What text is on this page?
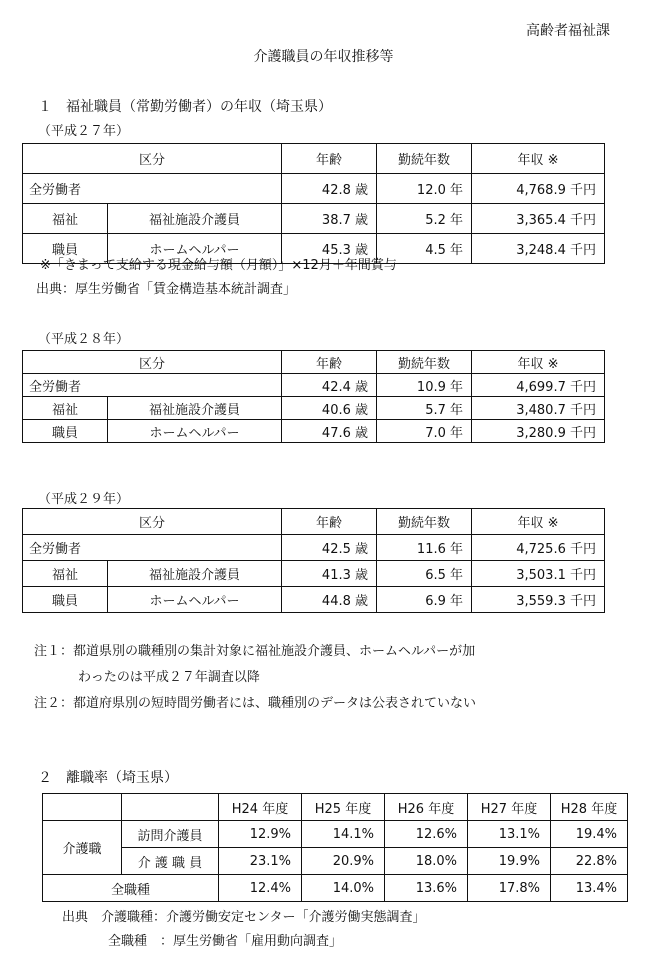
高齢者福祉課
介護職員の年収推移等
１　福祉職員（常勤労働者）の年収（埼玉県）
（平成２７年）
区分		年齢	勤続年数	年収 ※
全労働者		42.8 歳	12.0 年	4,768.9 千円
福祉	福祉施設介護員	38.7 歳	5.2 年	3,365.4 千円
職員	ホームヘルパー	45.3 歳	4.5 年	3,248.4 千円
（平成２８年）
区分		年齢	勤続年数	年収 ※
全労働者		42.4 歳	10.9 年	4,699.7 千円
福祉	福祉施設介護員	40.6 歳	5.7 年	3,480.7 千円
職員	ホームヘルパー	47.6 歳	7.0 年	3,280.9 千円
（平成２９年）
区分		年齢	勤続年数	年収 ※
全労働者		42.5 歳	11.6 年	4,725.6 千円
福祉	福祉施設介護員	41.3 歳	6.5 年	3,503.1 千円
職員	ホームヘルパー	44.8 歳	6.9 年	3,559.3 千円
※「きまって支給する現金給与額（月額）」×12月＋年間賞与
出典：厚生労働省「賃金構造基本統計調査」
注１：都道県別の職種別の集計対象に福祉施設介護員、ホームヘルパーが加
わったのは平成２７年調査以降
注２：都道府県別の短時間労働者には、職種別のデータは公表されていない
２　離職率（埼玉県）
		H24 年度	H25 年度	H26 年度	H27 年度	H28 年度
介護職	訪問介護員	12.9%	14.1%	12.6%	13.1%	19.4%
	介 護 職 員	23.1%	20.9%	18.0%	19.9%	22.8%
全職種		12.4%	14.0%	13.6%	17.8%	13.4%
出典　介護職種：介護労働安定センター「介護労働実態調査」
全職種　：厚生労働省「雇用動向調査」
